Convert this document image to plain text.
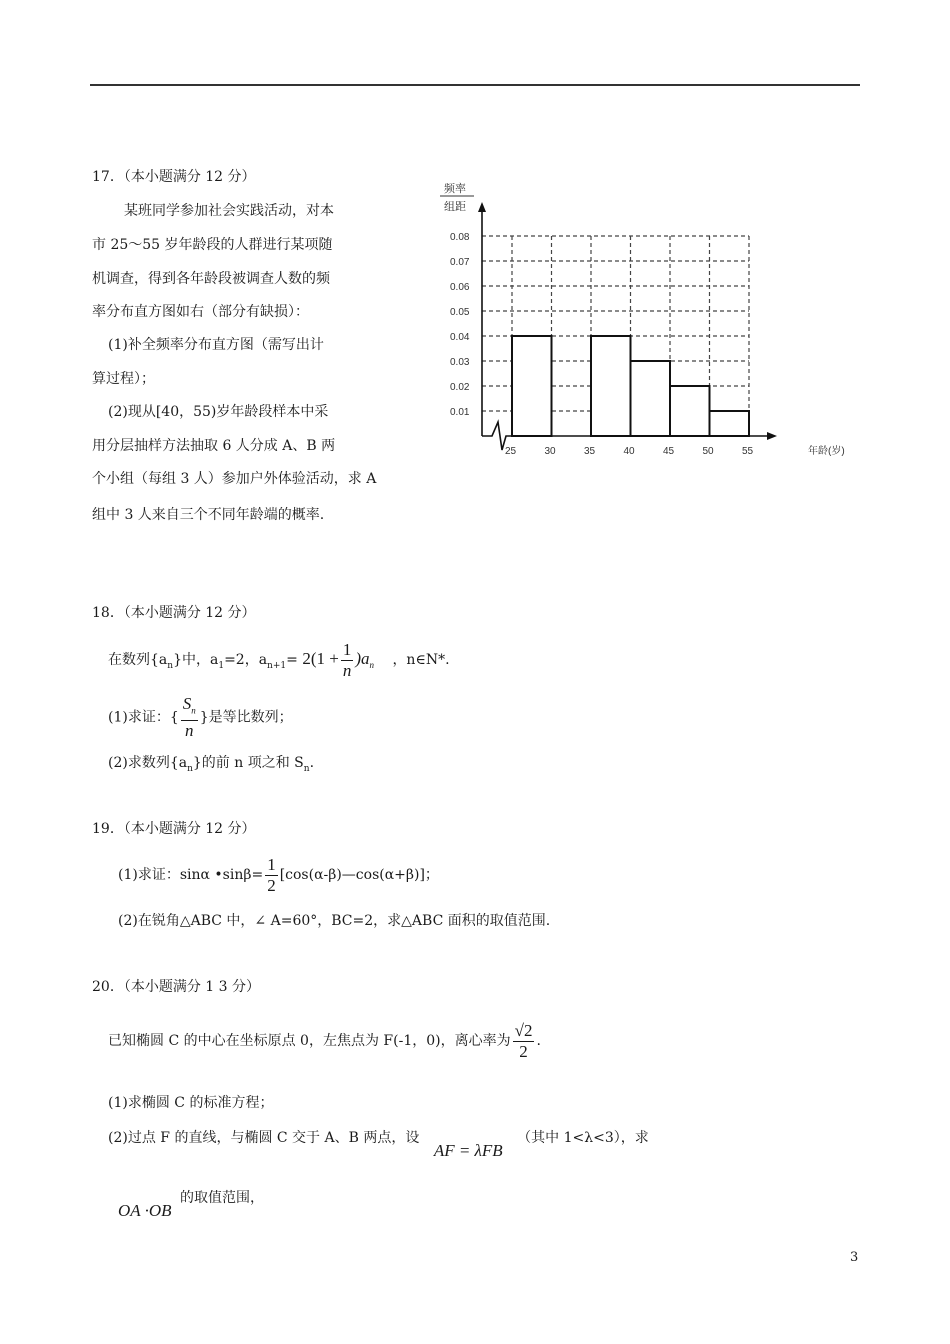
17．（本小题满分 12 分）
某班同学参加社会实践活动，对本
市 25～55 岁年龄段的人群进行某项随
机调查，得到各年龄段被调查人数的频
率分布直方图如右（部分有缺损）：
(1)补全频率分布直方图（需写出计
算过程）；
(2)现从[40，55)岁年龄段样本中采
用分层抽样方法抽取 6 人分成 A、B 两
个小组（每组 3 人）参加户外体验活动，求 A
组中 3 人来自三个不同年龄端的概率.
频率
组距
年龄(岁)
0.01
0.02
0.03
0.04
0.05
0.06
0.07
0.08
25	30	35	40	45	50	55
18．（本小题满分 12 分）
在数列$\{a_n\}$中，$a_1=2$，$a_{n+1}= 2(1 + \frac{1}{n} )a_n$ ，n∈N*.
(1)求证：{ $\frac{S_n}{n}$ }是等比数列；
(2)求数列$\{a_n\}$的前 n 项之和 $S_n$.
19．（本小题满分 12 分）
(1)求证：sinα •sinβ= $\frac{1}{2}$ [cos(α-β)—cos(α+β)]；
(2)在锐角△ABC 中，∠ A=60°，BC=2，求△ABC 面积的取值范围.
20．（本小题满分 1 3 分）
已知椭圆 C 的中心在坐标原点 0，左焦点为 F(-1，0)，离心率为 $\frac{√2}{2}$ .
(1)求椭圆 C 的标准方程；
(2)过点 F 的直线，与椭圆 C 交于 A、B 两点，设 AF = λFB （其中 1<λ<3），求
OA ·OB 的取值范围，
3
